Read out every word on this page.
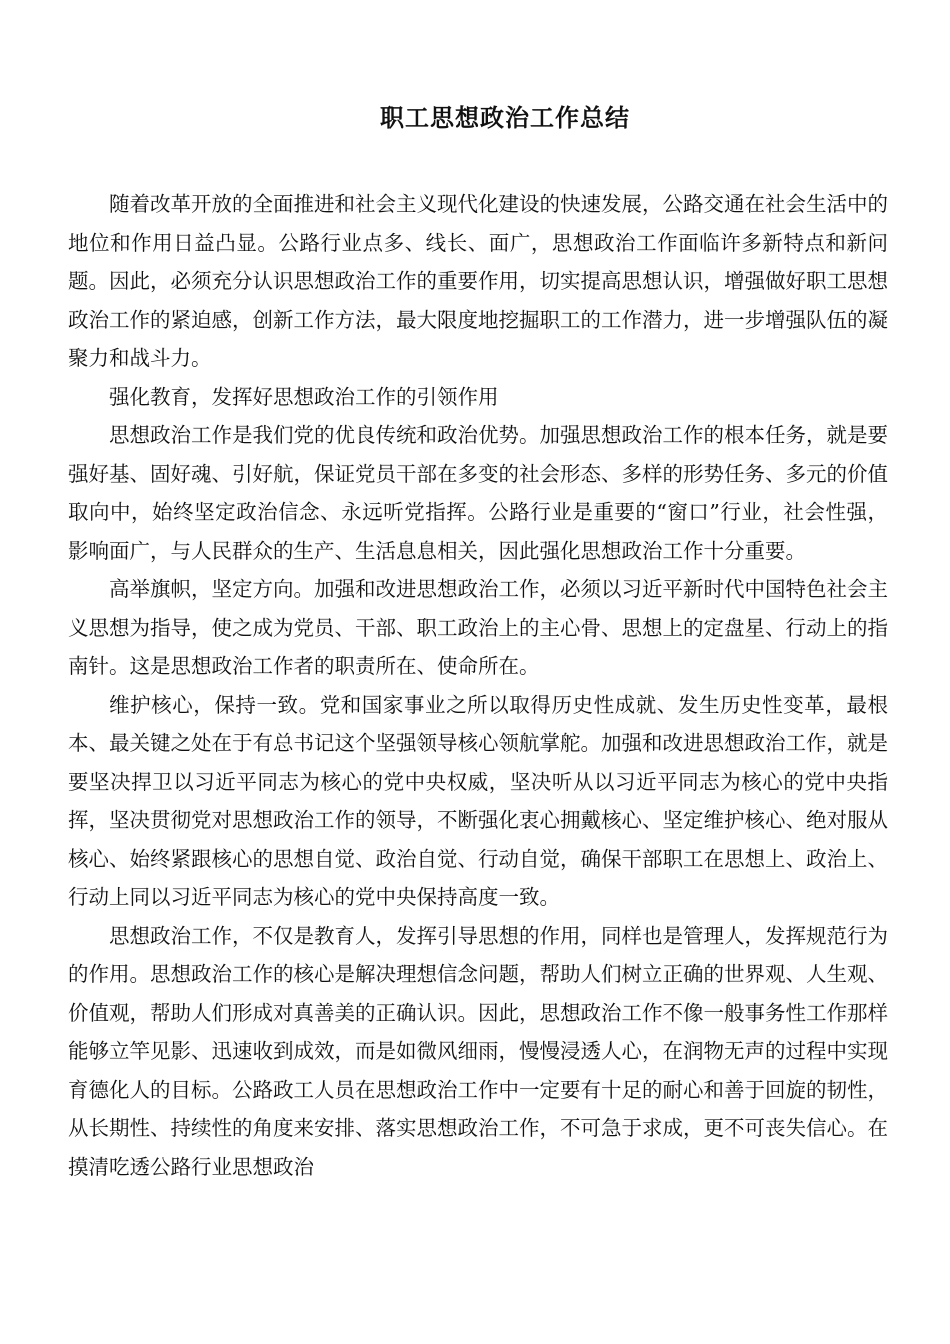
职工思想政治工作总结

随着改革开放的全面推进和社会主义现代化建设的快速发展，公路交通在社会生活中的地位和作用日益凸显。公路行业点多、线长、面广，思想政治工作面临许多新特点和新问题。因此，必须充分认识思想政治工作的重要作用，切实提高思想认识，增强做好职工思想政治工作的紧迫感，创新工作方法，最大限度地挖掘职工的工作潜力，进一步增强队伍的凝聚力和战斗力。

强化教育，发挥好思想政治工作的引领作用

思想政治工作是我们党的优良传统和政治优势。加强思想政治工作的根本任务，就是要强好基、固好魂、引好航，保证党员干部在多变的社会形态、多样的形势任务、多元的价值取向中，始终坚定政治信念、永远听党指挥。公路行业是重要的“窗口”行业，社会性强，影响面广，与人民群众的生产、生活息息相关，因此强化思想政治工作十分重要。

高举旗帜，坚定方向。加强和改进思想政治工作，必须以习近平新时代中国特色社会主义思想为指导，使之成为党员、干部、职工政治上的主心骨、思想上的定盘星、行动上的指南针。这是思想政治工作者的职责所在、使命所在。

维护核心，保持一致。党和国家事业之所以取得历史性成就、发生历史性变革，最根本、最关键之处在于有总书记这个坚强领导核心领航掌舵。加强和改进思想政治工作，就是要坚决捍卫以习近平同志为核心的党中央权威，坚决听从以习近平同志为核心的党中央指挥，坚决贯彻党对思想政治工作的领导，不断强化衷心拥戴核心、坚定维护核心、绝对服从核心、始终紧跟核心的思想自觉、政治自觉、行动自觉，确保干部职工在思想上、政治上、行动上同以习近平同志为核心的党中央保持高度一致。

思想政治工作，不仅是教育人，发挥引导思想的作用，同样也是管理人，发挥规范行为的作用。思想政治工作的核心是解决理想信念问题，帮助人们树立正确的世界观、人生观、价值观，帮助人们形成对真善美的正确认识。因此，思想政治工作不像一般事务性工作那样能够立竿见影、迅速收到成效，而是如微风细雨，慢慢浸透人心，在润物无声的过程中实现育德化人的目标。公路政工人员在思想政治工作中一定要有十足的耐心和善于回旋的韧性，从长期性、持续性的角度来安排、落实思想政治工作，不可急于求成，更不可丧失信心。在摸清吃透公路行业思想政治
